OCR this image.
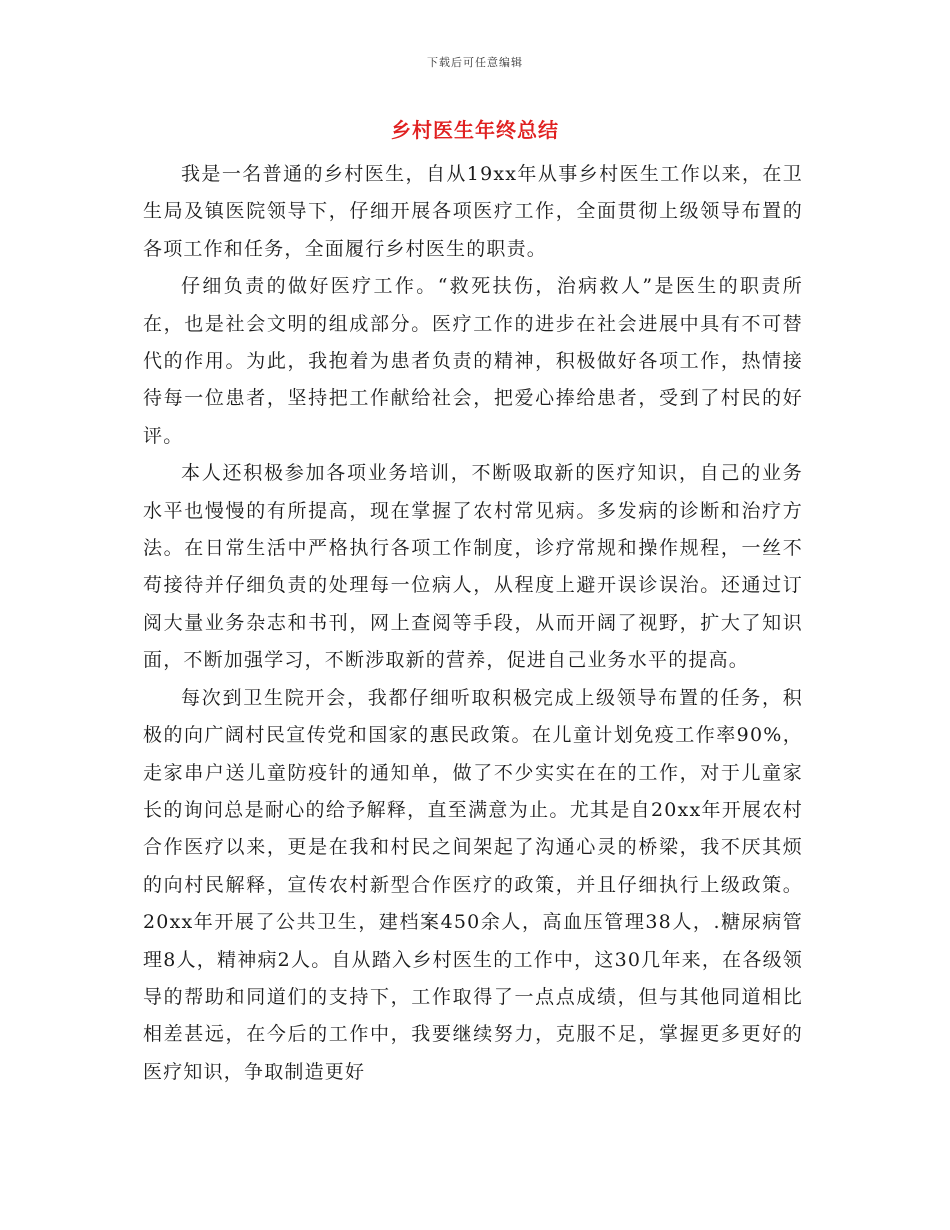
下载后可任意编辑
乡村医生年终总结

我是一名普通的乡村医生，自从19xx年从事乡村医生工作以来，在卫生局及镇医院领导下，仔细开展各项医疗工作，全面贯彻上级领导布置的各项工作和任务，全面履行乡村医生的职责。

仔细负责的做好医疗工作。“救死扶伤，治病救人”是医生的职责所在，也是社会文明的组成部分。医疗工作的进步在社会进展中具有不可替代的作用。为此，我抱着为患者负责的精神，积极做好各项工作，热情接待每一位患者，坚持把工作献给社会，把爱心捧给患者，受到了村民的好评。

本人还积极参加各项业务培训，不断吸取新的医疗知识，自己的业务水平也慢慢的有所提高，现在掌握了农村常见病。多发病的诊断和治疗方法。在日常生活中严格执行各项工作制度，诊疗常规和操作规程，一丝不苟接待并仔细负责的处理每一位病人，从程度上避开误诊误治。还通过订阅大量业务杂志和书刊，网上查阅等手段，从而开阔了视野，扩大了知识面，不断加强学习，不断涉取新的营养，促进自己业务水平的提高。

每次到卫生院开会，我都仔细听取积极完成上级领导布置的任务，积极的向广阔村民宣传党和国家的惠民政策。在儿童计划免疫工作率90%，走家串户送儿童防疫针的通知单，做了不少实实在在的工作，对于儿童家长的询问总是耐心的给予解释，直至满意为止。尤其是自20xx年开展农村合作医疗以来，更是在我和村民之间架起了沟通心灵的桥梁，我不厌其烦的向村民解释，宣传农村新型合作医疗的政策，并且仔细执行上级政策。20xx年开展了公共卫生，建档案450余人，高血压管理38人，.糖尿病管理8人，精神病2人。自从踏入乡村医生的工作中，这30几年来，在各级领导的帮助和同道们的支持下，工作取得了一点点成绩，但与其他同道相比相差甚远，在今后的工作中，我要继续努力，克服不足，掌握更多更好的医疗知识，争取制造更好
